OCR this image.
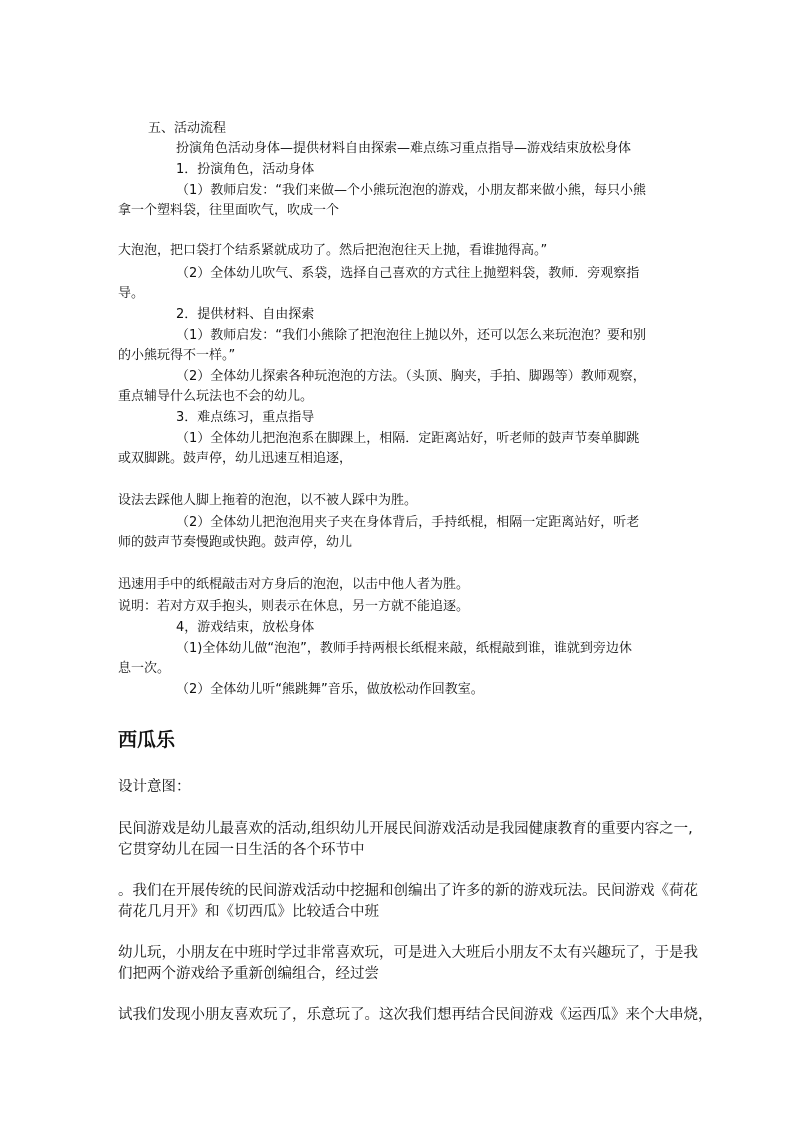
五、活动流程
扮演角色活动身体—提供材料自由探索—难点练习重点指导—游戏结束放松身体
1．扮演角色，活动身体
（1）教师启发：“我们来做—个小熊玩泡泡的游戏，小朋友都来做小熊，每只小熊
拿一个塑料袋，往里面吹气，吹成一个
大泡泡，把口袋打个结系紧就成功了。然后把泡泡往天上抛，看谁抛得高。”
（2）全体幼儿吹气、系袋，选择自己喜欢的方式往上抛塑料袋，教师．旁观察指
导。
2．提供材料、自由探索
（1）教师启发：“我们小熊除了把泡泡往上抛以外，还可以怎么来玩泡泡？要和别
的小熊玩得不一样。”
（2）全体幼儿探索各种玩泡泡的方法。（头顶、胸夹，手拍、脚踢等）教师观察，
重点辅导什么玩法也不会的幼儿。
3．难点练习，重点指导
（1）全体幼儿把泡泡系在脚踝上，相隔．定距离站好，听老师的鼓声节奏单脚跳
或双脚跳。鼓声停，幼儿迅速互相追逐，
设法去踩他人脚上拖着的泡泡，以不被人踩中为胜。
（2）全体幼儿把泡泡用夹子夹在身体背后，手持纸棍，相隔一定距离站好，听老
师的鼓声节奏慢跑或快跑。鼓声停，幼儿
迅速用手中的纸棍敲击对方身后的泡泡，以击中他人者为胜。
说明：若对方双手抱头，则表示在休息，另一方就不能追逐。
4，游戏结束，放松身体
（1)全体幼儿做“泡泡”，教师手持两根长纸棍来敲，纸棍敲到谁，谁就到旁边休
息一次。
（2）全体幼儿听“熊跳舞”音乐，做放松动作回教室。
西瓜乐
设计意图：
民间游戏是幼儿最喜欢的活动,组织幼儿开展民间游戏活动是我园健康教育的重要内容之一,
它贯穿幼儿在园一日生活的各个环节中
。我们在开展传统的民间游戏活动中挖掘和创编出了许多的新的游戏玩法。民间游戏《荷花
荷花几月开》和《切西瓜》比较适合中班
幼儿玩，小朋友在中班时学过非常喜欢玩，可是进入大班后小朋友不太有兴趣玩了，于是我
们把两个游戏给予重新创编组合，经过尝
试我们发现小朋友喜欢玩了，乐意玩了。这次我们想再结合民间游戏《运西瓜》来个大串烧，
